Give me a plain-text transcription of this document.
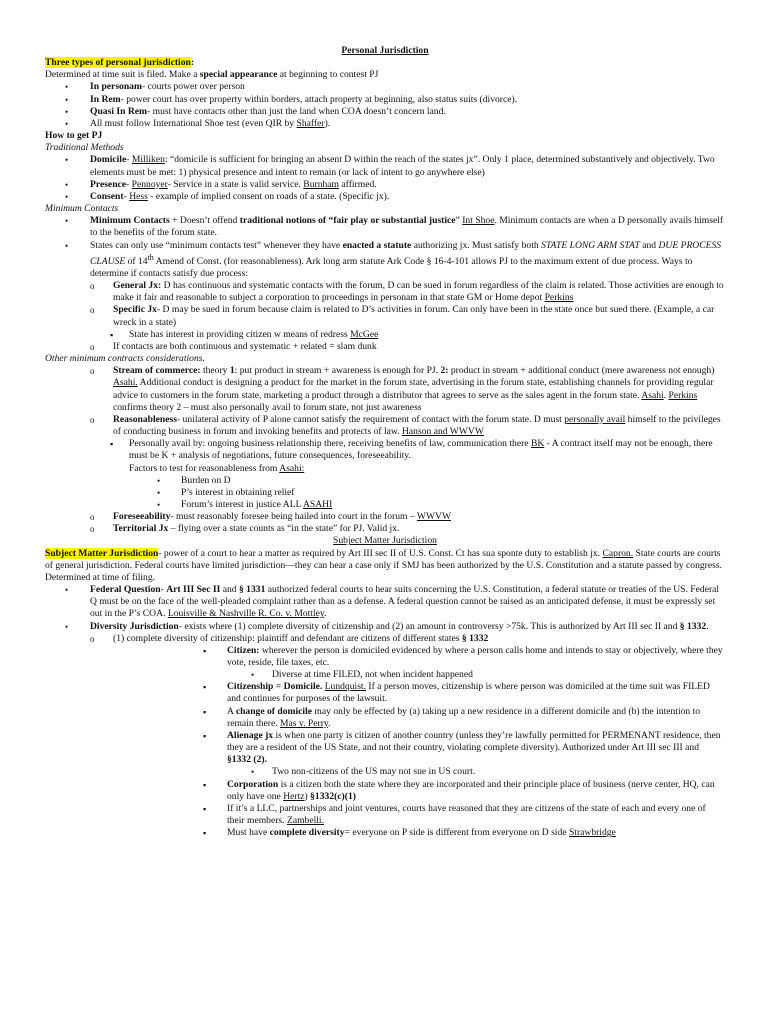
Personal Jurisdiction

Three types of personal jurisdiction:

Determined at time suit is filed. Make a special appearance at beginning to contest PJ

• In personam- courts power over person
• In Rem- power court has over property within borders, attach property at beginning, also status suits (divorce).
• Quasi In Rem- must have contacts other than just the land when COA doesn’t concern land.
• All must follow International Shoe test (even QIR by Shaffer).

How to get PJ

Traditional Methods

• Domicile- Milliken: “domicile is sufficient for bringing an absent D within the reach of the states jx”. Only 1 place, determined substantively and objectively. Two elements must be met: 1) physical presence and intent to remain (or lack of intent to go anywhere else)
• Presence- Pennoyer- Service in a state is valid service. Burnham affirmed.
• Consent- Hess - example of implied consent on roads of a state. (Specific jx).

Minimum Contacts

• Minimum Contacts + Doesn’t offend traditional notions of “fair play or substantial justice” Int Shoe. Minimum contacts are when a D personally avails himself to the benefits of the forum state.
• States can only use “minimum contacts test” whenever they have enacted a statute authorizing jx. Must satisfy both STATE LONG ARM STAT and DUE PROCESS CLAUSE of 14th Amend of Const. (for reasonableness). Ark long arm statute Ark Code § 16-4-101 allows PJ to the maximum extent of due process. Ways to determine if contacts satisfy due process:
o General Jx: D has continuous and systematic contacts with the forum, D can be sued in forum regardless of the claim is related. Those activities are enough to make it fair and reasonable to subject a corporation to proceedings in personam in that state GM or Home depot Perkins
o Specific Jx- D may be sued in forum because claim is related to D’s activities in forum. Can only have been in the state once but sued there. (Example, a car wreck in a state)
▪ State has interest in providing citizen w means of redress McGee
o If contacts are both continuous and systematic + related = slam dunk

Other minimum contracts considerations.

o Stream of commerce: theory 1: put product in stream + awareness is enough for PJ. 2: product in stream + additional conduct (mere awareness not enough) Asahi. Additional conduct is designing a product for the market in the forum state, advertising in the forum state, establishing channels for providing regular advice to customers in the forum state, marketing a product through a distributor that agrees to serve as the sales agent in the forum state. Asahi. Perkins confirms theory 2 – must also personally avail to forum state, not just awareness
o Reasonableness- unilateral activity of P alone cannot satisfy the requirement of contact with the forum state. D must personally avail himself to the privileges of conducting business in forum and invoking benefits and protects of law. Hanson and WWVW
▪ Personally avail by: ongoing business relationship there, receiving benefits of law, communication there BK - A contract itself may not be enough, there must be K + analysis of negotiations, future consequences, foreseeability.
Factors to test for reasonableness from Asahi:
• Burden on D
• P’s interest in obtaining relief
• Forum’s interest in justice ALL ASAHI
o Foreseeability- must reasonably foresee being hailed into court in the forum – WWVW
o Territorial Jx – flying over a state counts as “in the state” for PJ. Valid jx.

Subject Matter Jurisdiction

Subject Matter Jurisdiction- power of a court to hear a matter as required by Art III sec II of U.S. Const. Ct has sua sponte duty to establish jx. Capron. State courts are courts of general jurisdiction. Federal courts have limited jurisdiction—they can hear a case only if SMJ has been authorized by the U.S. Constitution and a statute passed by congress. Determined at time of filing.

• Federal Question- Art III Sec II and § 1331 authorized federal courts to hear suits concerning the U.S. Constitution, a federal statute or treaties of the US. Federal Q must be on the face of the well-pleaded complaint rather than as a defense. A federal question cannot be raised as an anticipated defense, it must be expressly set out in the P’s COA. Louisville & Nashville R. Co. v. Mottley.
• Diversity Jurisdiction- exists where (1) complete diversity of citizenship and (2) an amount in controversy >75k. This is authorized by Art III sec II and § 1332.
o (1) complete diversity of citizenship: plaintiff and defendant are citizens of different states § 1332
▪ Citizen: wherever the person is domiciled evidenced by where a person calls home and intends to stay or objectively, where they vote, reside, file taxes, etc.
• Diverse at time FILED, not when incident happened
▪ Citizenship = Domicile. Lundquist. If a person moves, citizenship is where person was domiciled at the time suit was FILED and continues for purposes of the lawsuit.
▪ A change of domicile may only be effected by (a) taking up a new residence in a different domicile and (b) the intention to remain there. Mas v. Perry.
▪ Alienage jx is when one party is citizen of another country (unless they’re lawfully permitted for PERMENANT residence, then they are a resident of the US State, and not their country, violating complete diversity). Authorized under Art III sec III and §1332 (2).
• Two non-citizens of the US may not sue in US court.
▪ Corporation is a citizen both the state where they are incorporated and their principle place of business (nerve center, HQ, can only have one Hertz) §1332(c)(1)
▪ If it’s a LLC, partnerships and joint ventures, courts have reasoned that they are citizens of the state of each and every one of their members. Zambelli.
▪ Must have complete diversity= everyone on P side is different from everyone on D side Strawbridge
